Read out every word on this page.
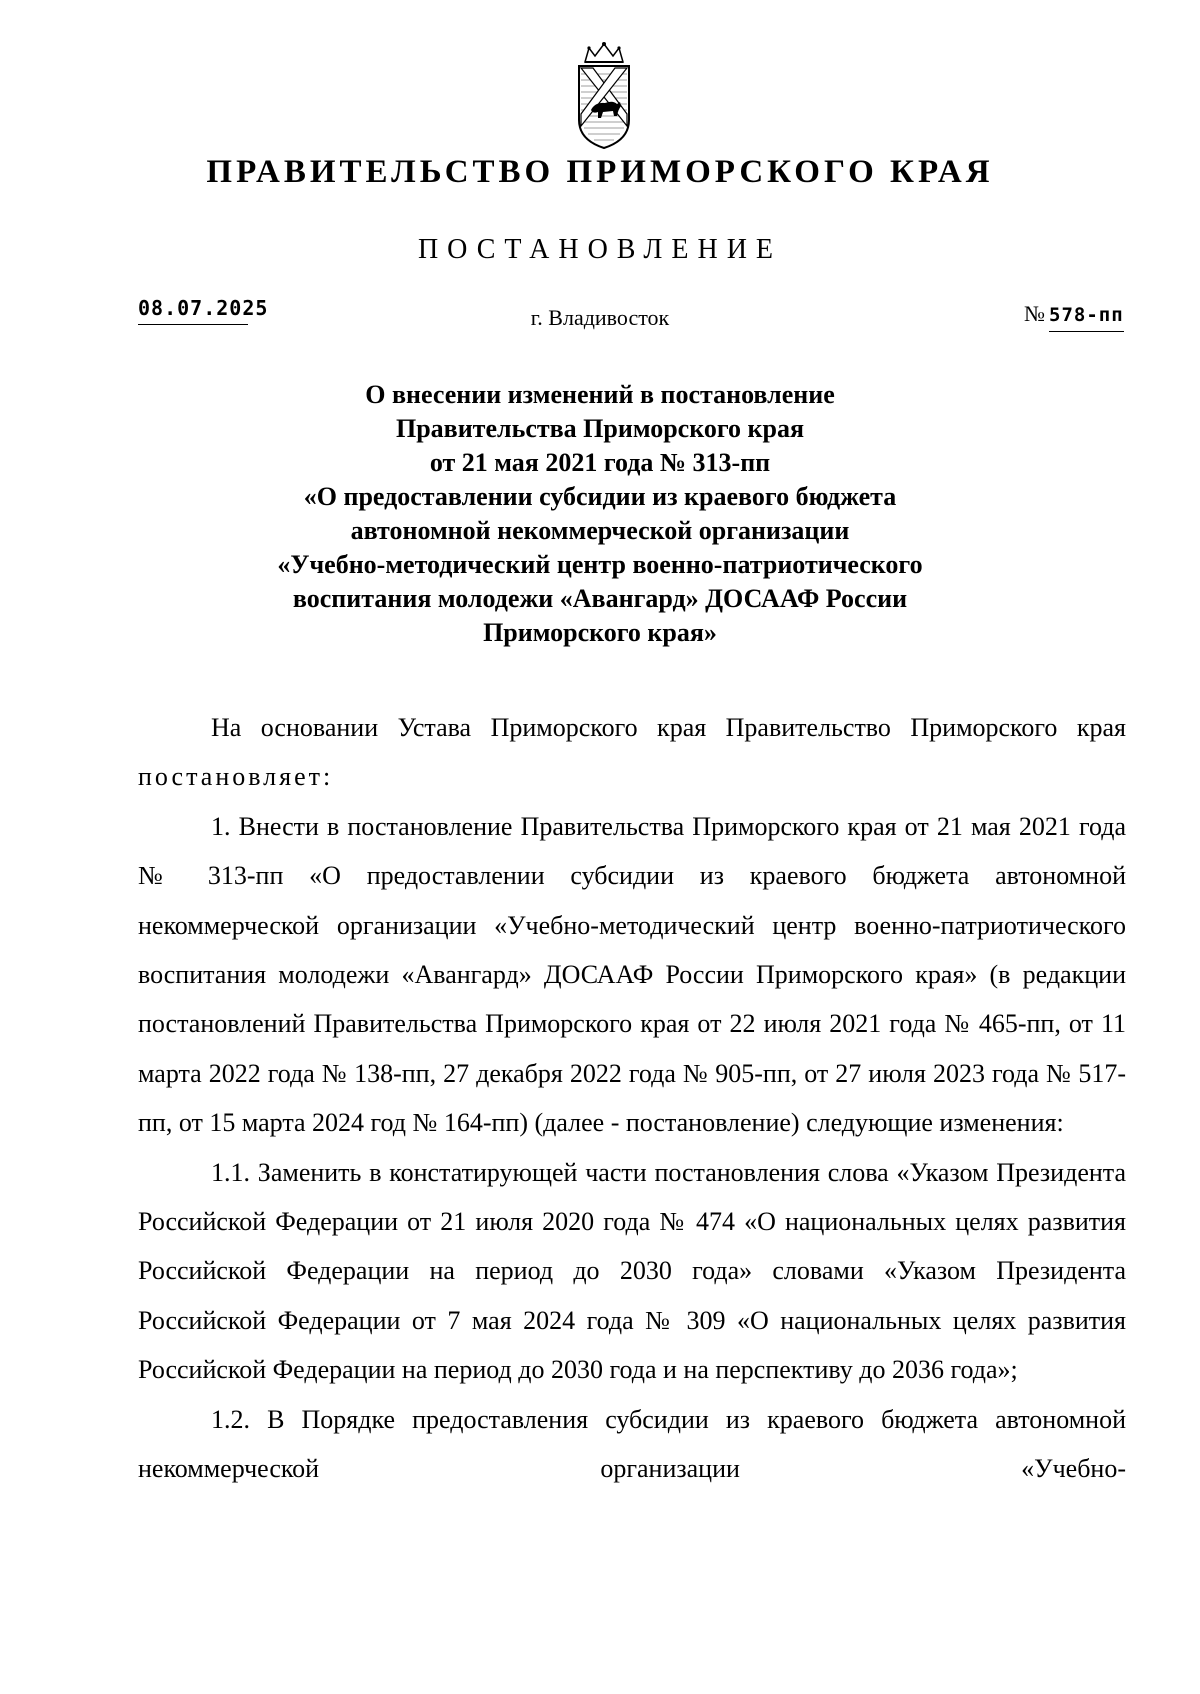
ПРАВИТЕЛЬСТВО ПРИМОРСКОГО КРАЯ
ПОСТАНОВЛЕНИЕ
08.07.2025	г. Владивосток	№ 578-пп
О внесении изменений в постановление
Правительства Приморского края
от 21 мая 2021 года № 313-пп
«О предоставлении субсидии из краевого бюджета
автономной некоммерческой организации
«Учебно-методический центр военно-патриотического
воспитания молодежи «Авангард» ДОСААФ России
Приморского края»

На основании Устава Приморского края Правительство Приморского края постановляет:

1. Внести в постановление Правительства Приморского края от 21 мая 2021 года № 313-пп «О предоставлении субсидии из краевого бюджета автономной некоммерческой организации «Учебно-методический центр военно-патриотического воспитания молодежи «Авангард» ДОСААФ России Приморского края» (в редакции постановлений Правительства Приморского края от 22 июля 2021 года № 465-пп, от 11 марта 2022 года № 138-пп, 27 декабря 2022 года № 905-пп, от 27 июля 2023 года № 517-пп, от 15 марта 2024 год № 164-пп) (далее - постановление) следующие изменения:

1.1. Заменить в констатирующей части постановления слова «Указом Президента Российской Федерации от 21 июля 2020 года № 474 «О национальных целях развития Российской Федерации на период до 2030 года» словами «Указом Президента Российской Федерации от 7 мая 2024 года № 309 «О национальных целях развития Российской Федерации на период до 2030 года и на перспективу до 2036 года»;

1.2. В Порядке предоставления субсидии из краевого бюджета автономной некоммерческой организации «Учебно-
